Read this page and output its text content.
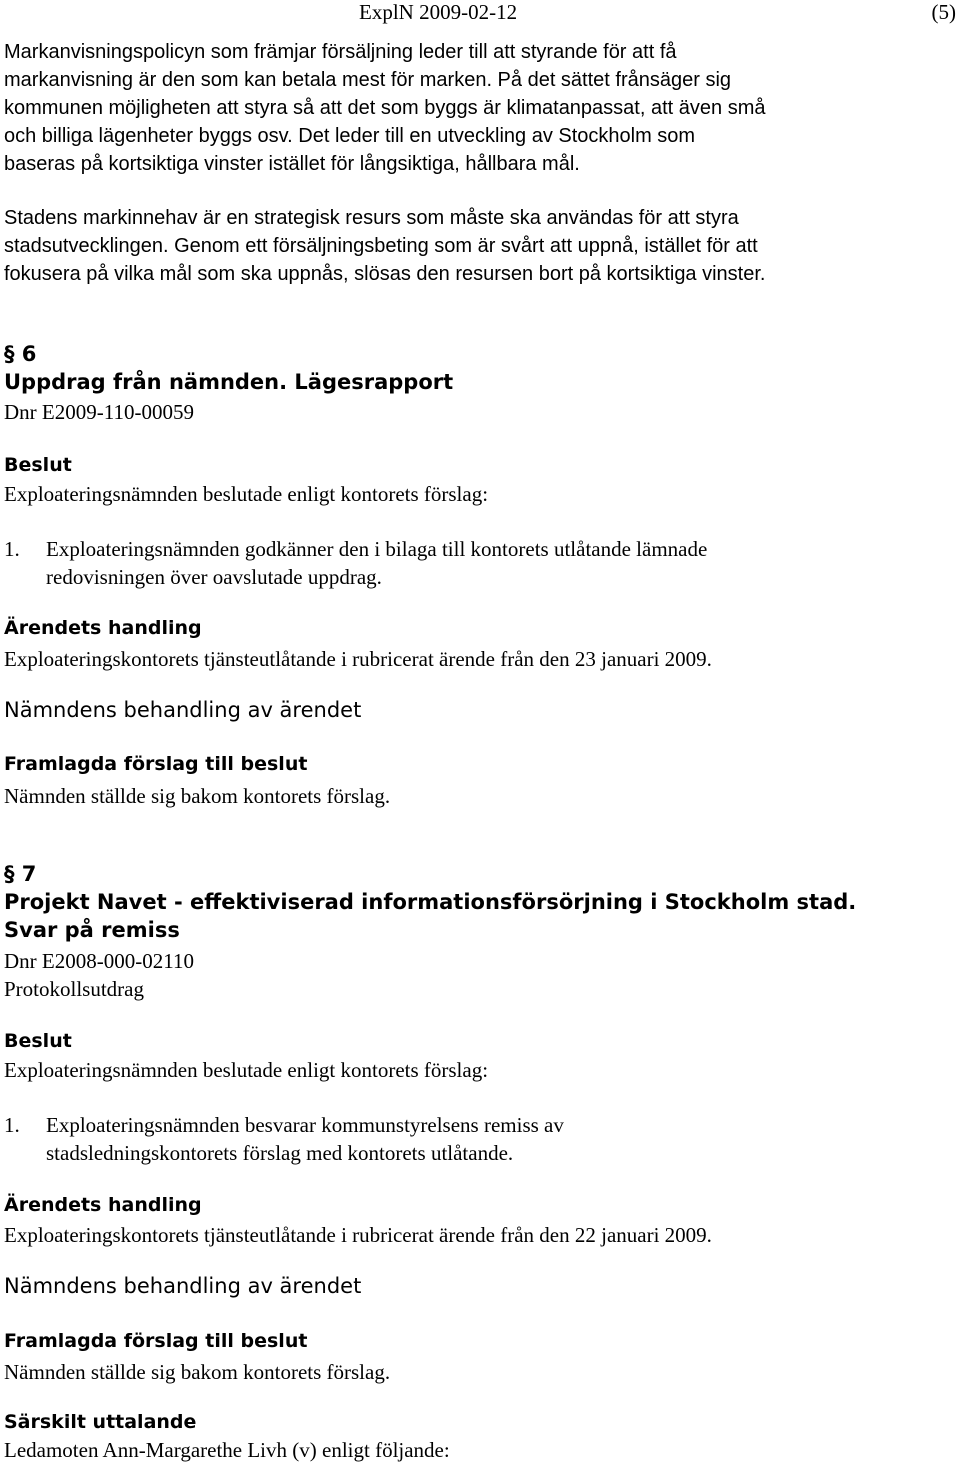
ExplN 2009-02-12	(5)
Markanvisningspolicyn som främjar försäljning leder till att styrande för att få
markanvisning är den som kan betala mest för marken. På det sättet frånsäger sig
kommunen möjligheten att styra så att det som byggs är klimatanpassat, att även små
och billiga lägenheter byggs osv. Det leder till en utveckling av Stockholm som
baseras på kortsiktiga vinster istället för långsiktiga, hållbara mål.
Stadens markinnehav är en strategisk resurs som måste ska användas för att styra
stadsutvecklingen. Genom ett försäljningsbeting som är svårt att uppnå, istället för att
fokusera på vilka mål som ska uppnås, slösas den resursen bort på kortsiktiga vinster.
§ 6
Uppdrag från nämnden. Lägesrapport
Dnr E2009-110-00059
Beslut
Exploateringsnämnden beslutade enligt kontorets förslag:
1. Exploateringsnämnden godkänner den i bilaga till kontorets utlåtande lämnade
redovisningen över oavslutade uppdrag.
Ärendets handling
Exploateringskontorets tjänsteutlåtande i rubricerat ärende från den 23 januari 2009.
Nämndens behandling av ärendet
Framlagda förslag till beslut
Nämnden ställde sig bakom kontorets förslag.
§ 7
Projekt Navet - effektiviserad informationsförsörjning i Stockholm stad.
Svar på remiss
Dnr E2008-000-02110
Protokollsutdrag
Beslut
Exploateringsnämnden beslutade enligt kontorets förslag:
1. Exploateringsnämnden besvarar kommunstyrelsens remiss av
stadsledningskontorets förslag med kontorets utlåtande.
Ärendets handling
Exploateringskontorets tjänsteutlåtande i rubricerat ärende från den 22 januari 2009.
Nämndens behandling av ärendet
Framlagda förslag till beslut
Nämnden ställde sig bakom kontorets förslag.
Särskilt uttalande
Ledamoten Ann-Margarethe Livh (v) enligt följande:
